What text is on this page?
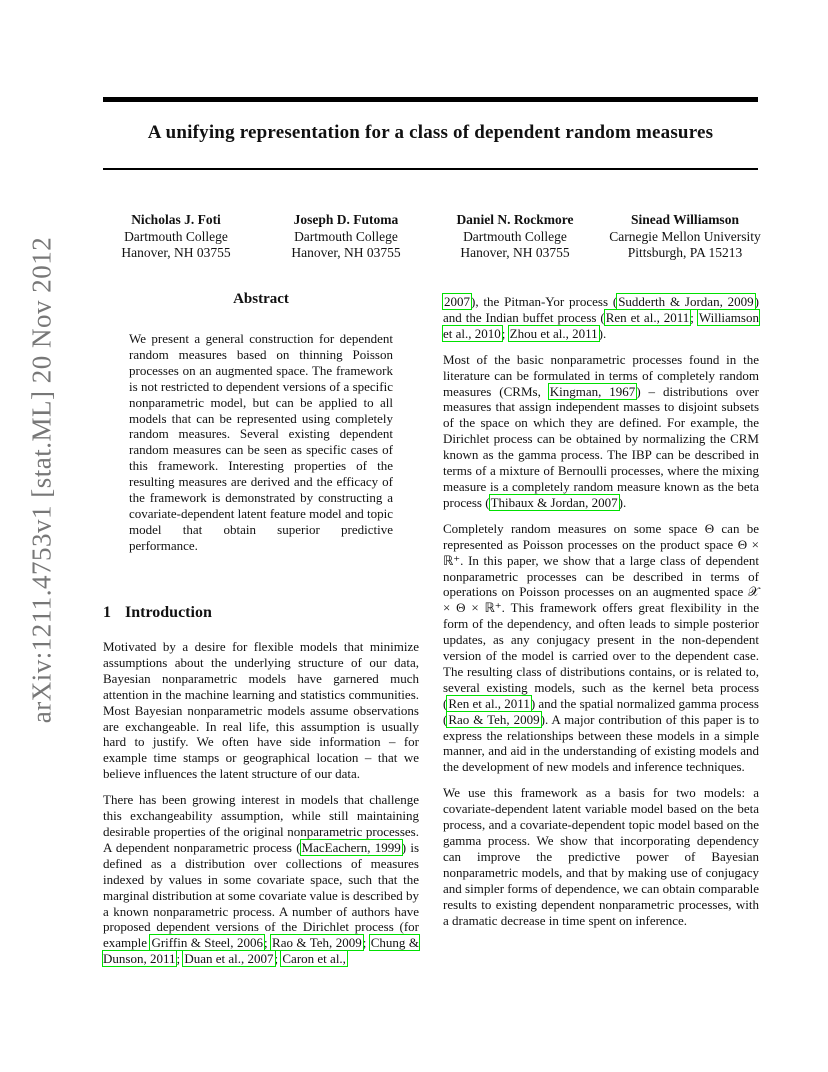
A unifying representation for a class of dependent random measures
Nicholas J. Foti
Dartmouth College
Hanover, NH 03755
Joseph D. Futoma
Dartmouth College
Hanover, NH 03755
Daniel N. Rockmore
Dartmouth College
Hanover, NH 03755
Sinead Williamson
Carnegie Mellon University
Pittsburgh, PA 15213
arXiv:1211.4753v1 [stat.ML] 20 Nov 2012	Abstract
We present a general construction for dependent random measures based on thinning Poisson processes on an augmented space. The framework is not restricted to dependent versions of a specific nonparametric model, but can be applied to all models that can be represented using completely random measures. Several existing dependent random measures can be seen as specific cases of this framework. Interesting properties of the resulting measures are derived and the efficacy of the framework is demonstrated by constructing a covariate-dependent latent feature model and topic model that obtain superior predictive performance.
1 Introduction

Motivated by a desire for flexible models that minimize assumptions about the underlying structure of our data, Bayesian nonparametric models have garnered much attention in the machine learning and statistics communities. Most Bayesian nonparametric models assume observations are exchangeable. In real life, this assumption is usually hard to justify. We often have side information – for example time stamps or geographical location – that we believe influences the latent structure of our data.

There has been growing interest in models that challenge this exchangeability assumption, while still maintaining desirable properties of the original nonparametric processes. A dependent nonparametric process (MacEachern, 1999) is defined as a distribution over collections of measures indexed by values in some covariate space, such that the marginal distribution at some covariate value is described by a known nonparametric process. A number of authors have proposed dependent versions of the Dirichlet process (for example Griffin & Steel, 2006; Rao & Teh, 2009; Chung & Dunson, 2011; Duan et al., 2007; Caron et al.,

2007), the Pitman-Yor process (Sudderth & Jordan, 2009) and the Indian buffet process (Ren et al., 2011; Williamson et al., 2010; Zhou et al., 2011).

Most of the basic nonparametric processes found in the literature can be formulated in terms of completely random measures (CRMs, Kingman, 1967) – distributions over measures that assign independent masses to disjoint subsets of the space on which they are defined. For example, the Dirichlet process can be obtained by normalizing the CRM known as the gamma process. The IBP can be described in terms of a mixture of Bernoulli processes, where the mixing measure is a completely random measure known as the beta process (Thibaux & Jordan, 2007).

Completely random measures on some space Θ can be represented as Poisson processes on the product space Θ × ℝ⁺. In this paper, we show that a large class of dependent nonparametric processes can be described in terms of operations on Poisson processes on an augmented space 𝒳 × Θ × ℝ⁺. This framework offers great flexibility in the form of the dependency, and often leads to simple posterior updates, as any conjugacy present in the non-dependent version of the model is carried over to the dependent case. The resulting class of distributions contains, or is related to, several existing models, such as the kernel beta process (Ren et al., 2011) and the spatial normalized gamma process (Rao & Teh, 2009). A major contribution of this paper is to express the relationships between these models in a simple manner, and aid in the understanding of existing models and the development of new models and inference techniques.

We use this framework as a basis for two models: a covariate-dependent latent variable model based on the beta process, and a covariate-dependent topic model based on the gamma process. We show that incorporating dependency can improve the predictive power of Bayesian nonparametric models, and that by making use of conjugacy and simpler forms of dependence, we can obtain comparable results to existing dependent nonparametric processes, with a dramatic decrease in time spent on inference.
